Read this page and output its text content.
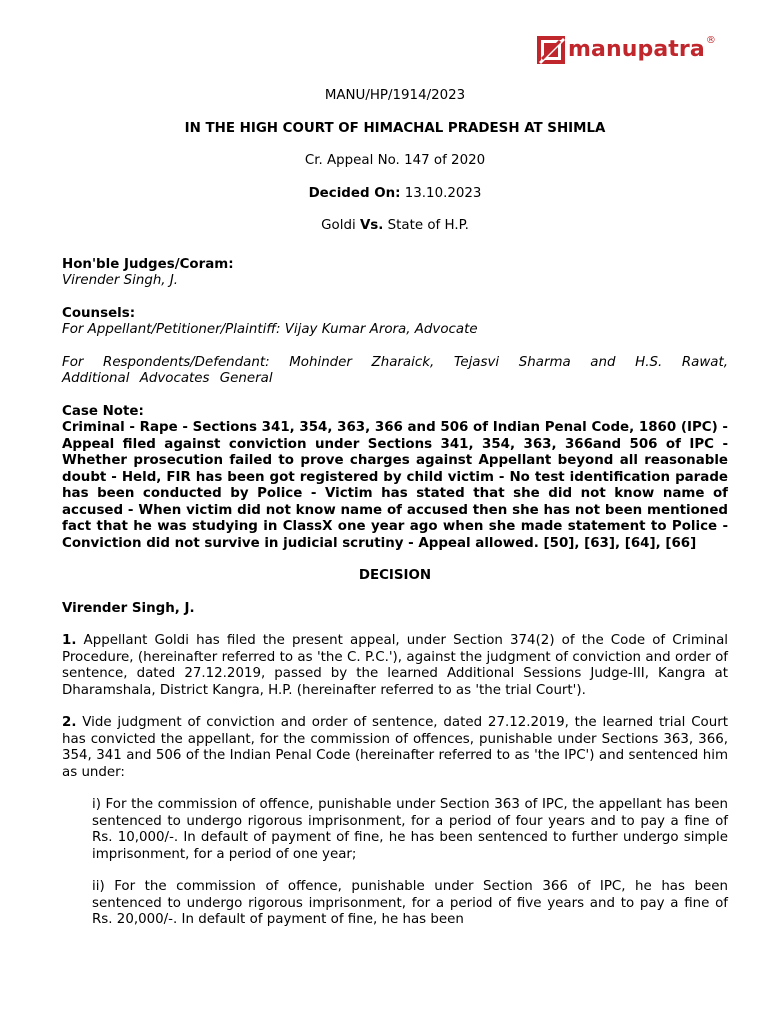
manupatra ®

MANU/HP/1914/2023

IN THE HIGH COURT OF HIMACHAL PRADESH AT SHIMLA

Cr. Appeal No. 147 of 2020

Decided On: 13.10.2023

Goldi Vs. State of H.P.

Hon'ble Judges/Coram:

Virender Singh, J.

Counsels:

For Appellant/Petitioner/Plaintiff: Vijay Kumar Arora, Advocate

For Respondents/Defendant: Mohinder Zharaick, Tejasvi Sharma and H.S. Rawat, Additional Advocates General

Case Note:

Criminal - Rape - Sections 341, 354, 363, 366 and 506 of Indian Penal Code, 1860 (IPC) - Appeal filed against conviction under Sections 341, 354, 363, 366and 506 of IPC - Whether prosecution failed to prove charges against Appellant beyond all reasonable doubt - Held, FIR has been got registered by child victim - No test identification parade has been conducted by Police - Victim has stated that she did not know name of accused - When victim did not know name of accused then she has not been mentioned fact that he was studying in ClassX one year ago when she made statement to Police - Conviction did not survive in judicial scrutiny - Appeal allowed. [50], [63], [64], [66]

DECISION

Virender Singh, J.

1. Appellant Goldi has filed the present appeal, under Section 374(2) of the Code of Criminal Procedure, (hereinafter referred to as 'the C. P.C.'), against the judgment of conviction and order of sentence, dated 27.12.2019, passed by the learned Additional Sessions Judge-III, Kangra at Dharamshala, District Kangra, H.P. (hereinafter referred to as 'the trial Court').

2. Vide judgment of conviction and order of sentence, dated 27.12.2019, the learned trial Court has convicted the appellant, for the commission of offences, punishable under Sections 363, 366, 354, 341 and 506 of the Indian Penal Code (hereinafter referred to as 'the IPC') and sentenced him as under:

i) For the commission of offence, punishable under Section 363 of IPC, the appellant has been sentenced to undergo rigorous imprisonment, for a period of four years and to pay a fine of Rs. 10,000/-. In default of payment of fine, he has been sentenced to further undergo simple imprisonment, for a period of one year;

ii) For the commission of offence, punishable under Section 366 of IPC, he has been sentenced to undergo rigorous imprisonment, for a period of five years and to pay a fine of Rs. 20,000/-. In default of payment of fine, he has been
